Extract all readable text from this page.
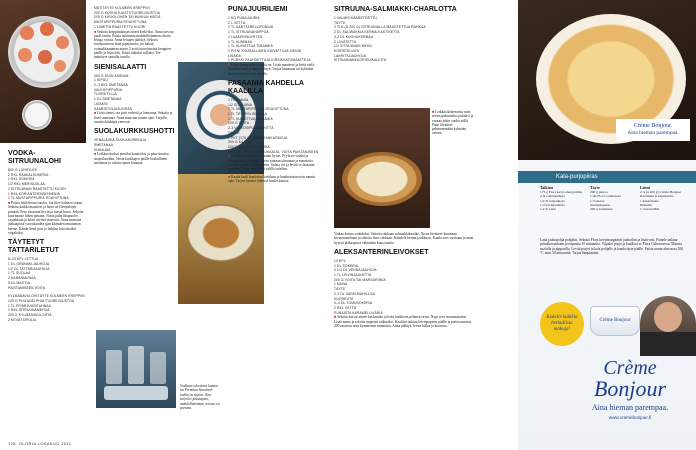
VODKA-SITRUUNALOHI
800 G LOHIFILEE
2 RKL RAAKALSOKERIA
1 RKL SOKERIA
1/2 RKL MERISUOLAA
2 SITRUUNAN RAASTETTU KUORI
1 RKL KORIANTERINSIEMENIÄ
1 TL MUSTAPIPPURIA ROUHITTUNA

■ Poista lohifileestä ruodot. Jaa filee kahteen osaan. Sekoita kaikki mausteet ja hiero ne fileepalojen pintaan. Pese sitruunat hyvin ja raasta kuori. Sekoita kuoriraaste lohen pintaan. Nosta palat lihapuolet vastakkain ja kääri tiiviisti muoviin. Anna maustua jääkaapissa vuorokauden ajan kääntäen muutaman kerran. Kaada liemi pois ja leikkaa lohi ohuiksi viipaleiksi.

TÄYTETYT TATTARILETUT
8–10 KPL LETTUA
1 DL GRAHAM-JAUHOJA
1/2 DL TATTARIJAUHOJA
1 TL SUOLAA
2 KANANMUNAA
5 DL MAITOA
PAISTAMISEEN VOITA
KYLMÄSAVULOHITÄYTE KOLMEEN KREPPIIN
125 G PHILADELPHIA-TUOREJUUSTOA
1 TL PIPARJUURITAHNAA
1 RKL SITRUUNAMEHUA
200 G KYLMÄSAVULOHTA
2 KEVÄTSIPULIA
MÄTITÄYTE KOLMEEN KREPPIIN
200 G KUOHUJUUSTOTUOREJUUSTOA
200 G KIRJOLOHEN TAI MUIKUN MÄTIÄ
MUSTAPIPPURIA ROUHITTUNA
1 LIMETIN RAASTETTU KUORI

■ Sekoita kreppitaikinan aineet kerkeiksi. Anna turvota puoli tuntia. Paista taikinasta mahdollisimman ohuita lettuja voissa. Anna lettujen jäähtyä. Sekoita tuorejuustoon lisää piparjuurta, jos haluat voimakkaamman maun. Levitä tuorejuustoa kreppien päälle ja lisää lohi. Kääri tiukaksi rullaksi. Tee mätitäyte samalla tavalla.

SIENISALAATTI
400 G SUOLASIENIÄ
1 SIPULI
2–3 RKL SMETANAA
VALKOPIPPURIA
TUORETILLIÄ
1 DL SMETANAA
LISÄKSI:
SAARISTOLAISLEIPÄÄ

■ Liota sienet, ota pois vedestä ja hienonna. Sekoita ja lisää smetanaa. Anna maustua tunnin ajan. Tarjoile saaristolaisleipä vieressä.

SUOLAKURKKUSHOTTI
VENÄLÄISIÄ SUOLAKURKKUJA
SMETANAA
HUNAJAA

■ Leikkaa kurkut pieniksi kuutioiksi ja pane kuutiot snapsilaseihin. Nosta kurkkujen päälle lusikallinen smetanaa ja valuta ripaus hunajaa.

Vodkaan sekoitetut luumut tai Premium Standard-vodka on sopiva. Kun tarjoilet jääsnapsin, mahdollisimman vetoisa on parasta.
PUNAJUURILIEMI
1 KG PUNAJUURIA
2 L VETTÄ
2 TL KANTTARELLIPONNIA
1 TL SITRUUNAHAPPOA
2 LAAKERINLEHTEÄ
1 TL KUMINAA
1 TL KUIVATTUA TIMJAMIA
1 PIENI KOURALLINEN KUIVATTUJA SIENIÄ
LISÄKSI
1 PURKKI PAAHDETTUJA KIRSIKKATOMAATTEJA

■ Kuori punajuuret ja keitä ne. Lisää mausteet ja keitä vielä. Suodata liemi ja anna jäähtyä. Tarjoa kuumana tai kylmänä. Nosta kirkkaat lasit tarjolle.

FASAANIA KAHDELLA KAALILLA
2 FASAANIA
1/2 SITRUUNA
1 TL MUSTAPIPPURIA ROUHITTUNA
1 TL TRYFFELISUOLAA
1 TL KUIVATTUA TIMJAMIA
100 G VOITA
2-3 VALKOSIPULINKYNTTÄ
TÄYTE:
1 PKT (175 G) AMERIKANKURKKUA
200 G KAALIA
100 G SELLERIN VARSIA
LISÄKSI: 500 G RUUSUKAALIA, VOITA PAISTAMISEEN

■ Puhdista ja huuhtele fasaani hyvin. Pyyhi ne sisältä ja ulkopuolelta kuivaksi. Hiero pintaan sitruunaa ja mausteita. Lämmitä uuni 175 asteeseen. Sulata voi ja levitä se fasaanin pinnalle. Paista noin tunti välillä valellen.

■ Kaada kaali kuutioina kattilaan ja haudutetaan noin tunnin ajan. Tarjoa fasaani yhdessä kaalin kanssa.

SITRUUNA-SALMIAKKI-CHARLOTTA
1 VALMIS KÄÄRETORTTU
TÄYTE
2 TLK (À 200 G) SITRUUNALLA MAUSTETTUA RAHKAA
2 DL SALMIAKKIA KERMA-KASTIKETTA
3-2 DL KUOHUKERMAA
2 LIIVATETTA
1/2 SITRUUNAN MEHU
KORISTELUUN
LAKRITSIJAUHOJA
SITRUUNANKUORISUIKALEITA

■ Leikkaa kääretorttu noin sentin paksuisiksi paloiksi ja vuoraa jokin vuoka niillä. Pane liivatteet pehmenemään kylmään veteen.

Vatkaa kerma vaahdoksi. Sekoita rahkaan salmiakkikastike. Nosta liivatteet kuumaan sitruunamehuun ja sekoita liuos rahkaan. Kääntele kerma joukkoon. Kaada seos vuokaan ja anna hyytyä jääkaapissa vähintään kuusi tuntia.

ALEKSANTERINLEIVOKSET
10 KPL
1 DL SOKERIA
4 1/2 DL VEHNÄJAUHOJA
1 TL LEIVINJAUHETTA
200 G VOITA TAI MARGARIINIA
1 MUNA
TÄYTE
2-3 DL VADELMAHILLOA
KUORRUTE
3–4 DL TOMUSOKERIA
2 RKL VETTÄ
PUNAISTA KARAMELLIVÄRIÄ

■ Sekoita kuivat aineet keskenään ja lisää joukkoon pehmeä rasva. Nypi seos murumaiseksi. Lisää muna ja sekoita nopeasti taikinaksi. Kaulitse taikina leivinpaperin päälle ja paista uunissa 200 asteessa noin kymmenen minuuttia. Anna jäähtyä, levitä hilloa ja kuorruta.

128 GLORIA LOKAKUU 2011
Crème Bonjour.
Aina hieman parempaa.
Kala-purjopiiras
Taikina
175 g Flora kevyt-margariinia
2 dl vehnäjauhoja
1/2 dl ruisjauhoja
1 tl leivinjauhetta
1/2 dl vettä
Täyte
200 g purjoa
1 rkl Flora Culinessea
1 tl suolaa
mustapippuria
200 g savukalaa
Liemi
2 rs (à 200 g) Crème Bonjour Kasviksia ja piparjuurta
1 kananmuna
Pinnalle:
1 tl tuoretilliä

Laita jauhopohja pohjaksi. Sekoita Flora kevytmargariini jauhoihin ja lisää vesi. Painele taikina piirakkavuokaan ja esipaista 10 minuuttia. Viipaloi purjo ja kuullota se Flora Culinessessa. Mausta suolalla ja pippurilla. Levitä purjot ja kala pohjalle ja kaada täyte päälle. Paista uunin alaosassa 200 °C noin 30 minuuttia. Tarjoa lämpimänä.

Kokeile kaikkia herkullisia makuja!
Crème Bonjour
Crème
Bonjour
Aina hieman parempaa.
www.cremebonjour.fi
